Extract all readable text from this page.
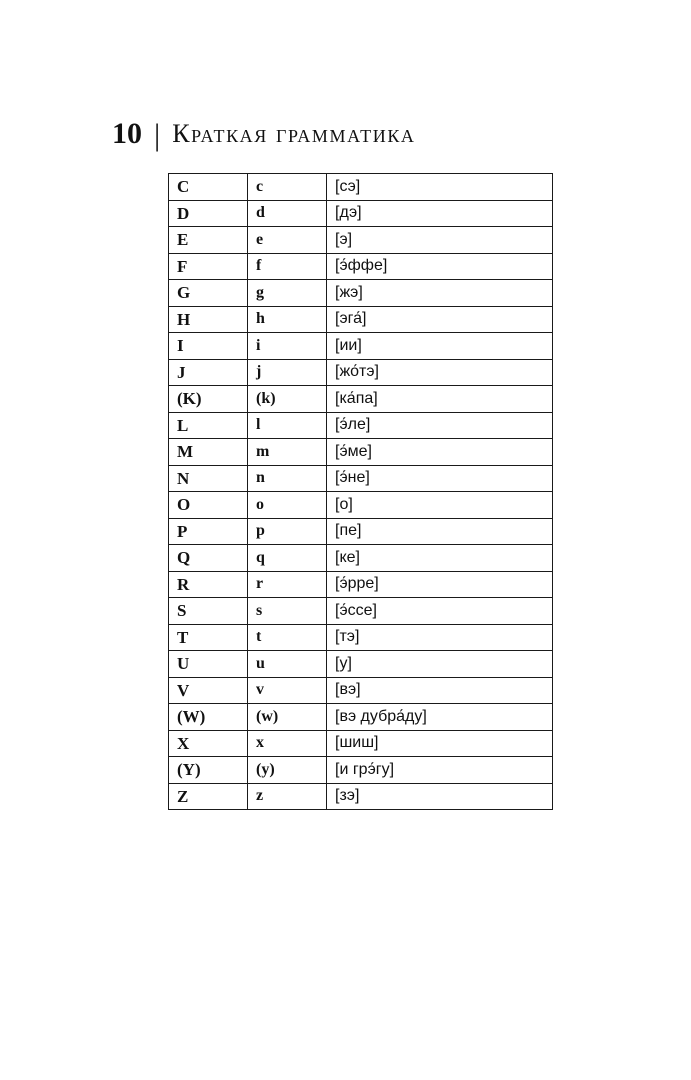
10 | Краткая грамматика
C	c	[сэ]
D	d	[дэ]
E	e	[э]
F	f	[э́ффе]
G	g	[жэ]
H	h	[эга́]
I	i	[ии]
J	j	[жо́тэ]
(K)	(k)	[ка́па]
L	l	[э́ле]
M	m	[э́ме]
N	n	[э́не]
O	o	[о]
P	p	[пе]
Q	q	[ке]
R	r	[э́рре]
S	s	[э́ссе]
T	t	[тэ]
U	u	[у]
V	v	[вэ]
(W)	(w)	[вэ дубра́ду]
X	x	[шиш]
(Y)	(y)	[и грэ́гу]
Z	z	[зэ]
